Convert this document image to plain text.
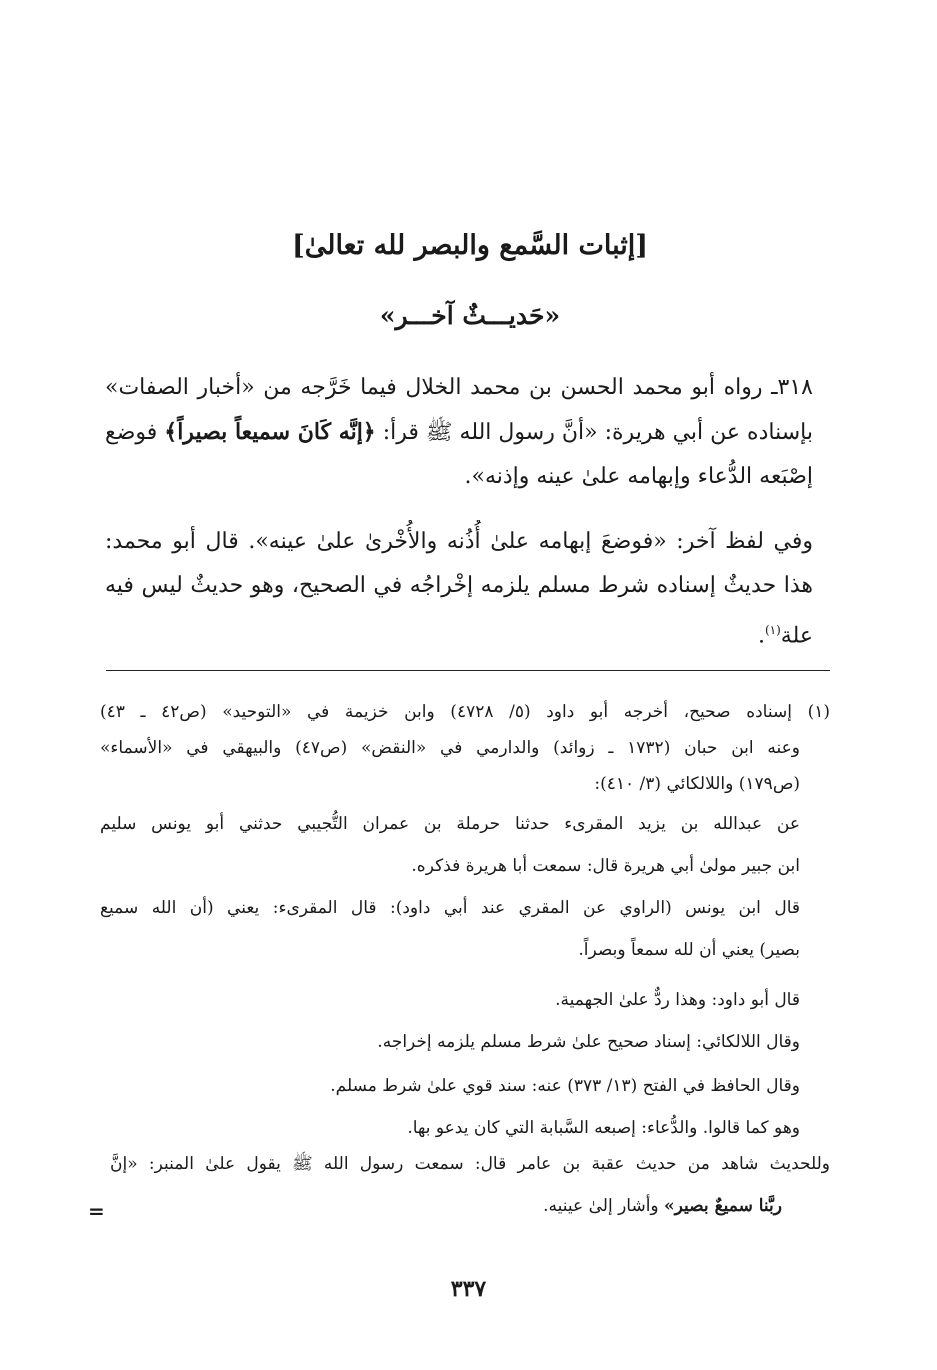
[إثبات السَّمع والبصر لله تعالىٰ]
«حَديـــثٌ آخـــر»
٣١٨ـ رواه أبو محمد الحسن بن محمد الخلال فيما خَرَّجه من «أخبار الصفات»
بإسناده عن أبي هريرة: «أنَّ رسول الله ﷺ قرأ: ﴿إنَّه كَانَ سميعاً بصيراً﴾ فوضع
إصْبَعه الدُّعاء وإبهامه علىٰ عينه وإذنه».
وفي لفظ آخر: «فوضعَ إبهامه علىٰ أُذُنه والأُخْرىٰ علىٰ عينه». قال أبو محمد:
هذا حديثٌ إسناده شرط مسلم يلزمه إخْراجُه في الصحيح، وهو حديثٌ ليس فيه
علة$^{(١)}$.
(١) إسناده صحيح، أخرجه أبو داود (٥/ ٤٧٢٨) وابن خزيمة في «التوحيد» (ص٤٢ ـ ٤٣)
وعنه ابن حبان (١٧٣٢ ـ زوائد) والدارمي في «النقض» (ص٤٧) والبيهقي في «الأسماء»
(ص١٧٩) واللالكائي (٣/ ٤١٠):
عن عبدالله بن يزيد المقرىء حدثنا حرملة بن عمران التُّجيبي حدثني أبو يونس سليم
ابن جبير مولىٰ أبي هريرة قال: سمعت أبا هريرة فذكره.
قال ابن يونس (الراوي عن المقري عند أبي داود): قال المقرىء: يعني (أن الله سميع
بصير) يعني أن لله سمعاً وبصراً.
قال أبو داود: وهذا ردٌّ علىٰ الجهمية.
وقال اللالكائي: إسناد صحيح علىٰ شرط مسلم يلزمه إخراجه.
وقال الحافظ في الفتح (١٣/ ٣٧٣) عنه: سند قوي علىٰ شرط مسلم.
وهو كما قالوا. والدُّعاء: إصبعه السَّبابة التي كان يدعو بها.
وللحديث شاهد من حديث عقبة بن عامر قال: سمعت رسول الله ﷺ يقول علىٰ المنبر: «إنَّ
ربَّنا سميعٌ بصير» وأشار إلىٰ عينيه.
=
٣٣٧
